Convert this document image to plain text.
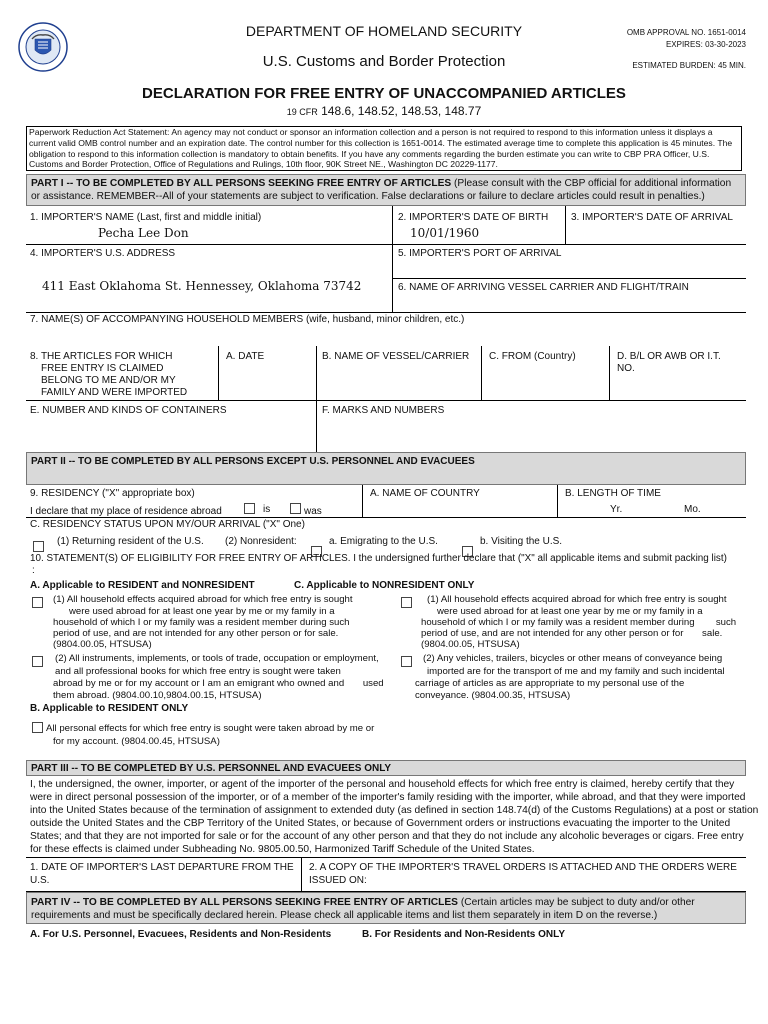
DEPARTMENT OF HOMELAND SECURITY
U.S. Customs and Border Protection
OMB APPROVAL NO. 1651-0014
EXPIRES: 03-30-2023
ESTIMATED BURDEN: 45 MIN.
DECLARATION FOR FREE ENTRY OF UNACCOMPANIED ARTICLES
19 CFR 148.6, 148.52, 148.53, 148.77
Paperwork Reduction Act Statement: An agency may not conduct or sponsor an information collection and a person is not required to respond to this information unless it displays a current valid OMB control number and an expiration date. The control number for this collection is 1651-0014. The estimated average time to complete this application is 45 minutes. The obligation to respond to this information collection is mandatory to obtain benefits. If you have any comments regarding the burden estimate you can write to CBP PRA Officer, U.S. Customs and Border Protection, Office of Regulations and Rulings, 10th floor, 90K Street NE., Washington DC 20229-1177.
PART I -- TO BE COMPLETED BY ALL PERSONS SEEKING FREE ENTRY OF ARTICLES (Please consult with the CBP official for additional information or assistance. REMEMBER--All of your statements are subject to verification. False declarations or failure to declare articles could result in penalties.)
1. IMPORTER'S NAME (Last, first and middle initial)
Pecha Lee Don
2. IMPORTER'S DATE OF BIRTH
10/01/1960
3. IMPORTER'S DATE OF ARRIVAL
4. IMPORTER'S U.S. ADDRESS
411 East Oklahoma St. Hennessey, Oklahoma 73742
5. IMPORTER'S PORT OF ARRIVAL
6. NAME OF ARRIVING VESSEL CARRIER AND FLIGHT/TRAIN
7. NAME(S) OF ACCOMPANYING HOUSEHOLD MEMBERS (wife, husband, minor children, etc.)
8. THE ARTICLES FOR WHICH
FREE ENTRY IS CLAIMED
BELONG TO ME AND/OR MY
FAMILY AND WERE IMPORTED
A. DATE	B. NAME OF VESSEL/CARRIER C. FROM (Country)	D. B/L OR AWB OR I.T.
NO.
E. NUMBER AND KINDS OF CONTAINERS	F. MARKS AND NUMBERS
PART II -- TO BE COMPLETED BY ALL PERSONS EXCEPT U.S. PERSONNEL AND EVACUEES
9. RESIDENCY ("X" appropriate box)
I declare that my place of residence abroad	is	was
A. NAME OF COUNTRY	B. LENGTH OF TIME
Yr.	Mo.
C. RESIDENCY STATUS UPON MY/OUR ARRIVAL ("X" One)
(1) Returning resident of the U.S. (2) Nonresident:	a. Emigrating to the U.S.	b. Visiting the U.S.
10. STATEMENT(S) OF ELIGIBILITY FOR FREE ENTRY OF ARTICLES. I the undersigned further declare that ("X" all applicable items and submit packing list)
:
A. Applicable to RESIDENT and NONRESIDENT	C. Applicable to NONRESIDENT ONLY
(1) All household effects acquired abroad for which free entry is sought
were used abroad for at least one year by me or my family in a
household of which I or my family was a resident member during such
period of use, and are not intended for any other person or for sale.
(9804.00.05, HTSUSA)
(2) All instruments, implements, or tools of trade, occupation or employment,
and all professional books for which free entry is sought were taken
abroad by me or for my account or I am an emigrant who owned and       used
them abroad. (9804.00.10,9804.00.15, HTSUSA)
(1) All household effects acquired abroad for which free entry is sought
were used abroad for at least one year by me or my family in a
household of which I or my family was a resident member during        such
period of use, and are not intended for any other person or for       sale.
(9804.00.05, HTSUSA)
(2) Any vehicles, trailers, bicycles or other means of conveyance being
imported are for the transport of me and my family and such incidental
carriage of articles as are appropriate to my personal use of the
conveyance. (9804.00.35, HTSUSA)
B. Applicable to RESIDENT ONLY
All personal effects for which free entry is sought were taken abroad by me or
for my account. (9804.00.45, HTSUSA)
PART III -- TO BE COMPLETED BY U.S. PERSONNEL AND EVACUEES ONLY
I, the undersigned, the owner, importer, or agent of the importer of the personal and household effects for which free entry is claimed, hereby certify that they
were in direct personal possession of the importer, or of a member of the importer's family residing with the importer, while abroad, and that they were imported
into the United States because of the termination of assignment to extended duty (as defined in section 148.74(d) of the Customs Regulations) at a post or station
outside the United States and the CBP Territory of the United States, or because of Government orders or instructions evacuating the importer to the United
States; and that they are not imported for sale or for the account of any other person and that they do not include any alcoholic beverages or cigars. Free entry
for these effects is claimed under Subheading No. 9805.00.50, Harmonized Tariff Schedule of the United States.
1. DATE OF IMPORTER'S LAST DEPARTURE FROM THE
U.S.
2. A COPY OF THE IMPORTER'S TRAVEL ORDERS IS ATTACHED AND THE ORDERS WERE
ISSUED ON:
PART IV -- TO BE COMPLETED BY ALL PERSONS SEEKING FREE ENTRY OF ARTICLES (Certain articles may be subject to duty and/or other
requirements and must be specifically declared herein. Please check all applicable items and list them separately in item D on the reverse.)
A. For U.S. Personnel, Evacuees, Residents and Non-Residents	B. For Residents and Non-Residents ONLY
